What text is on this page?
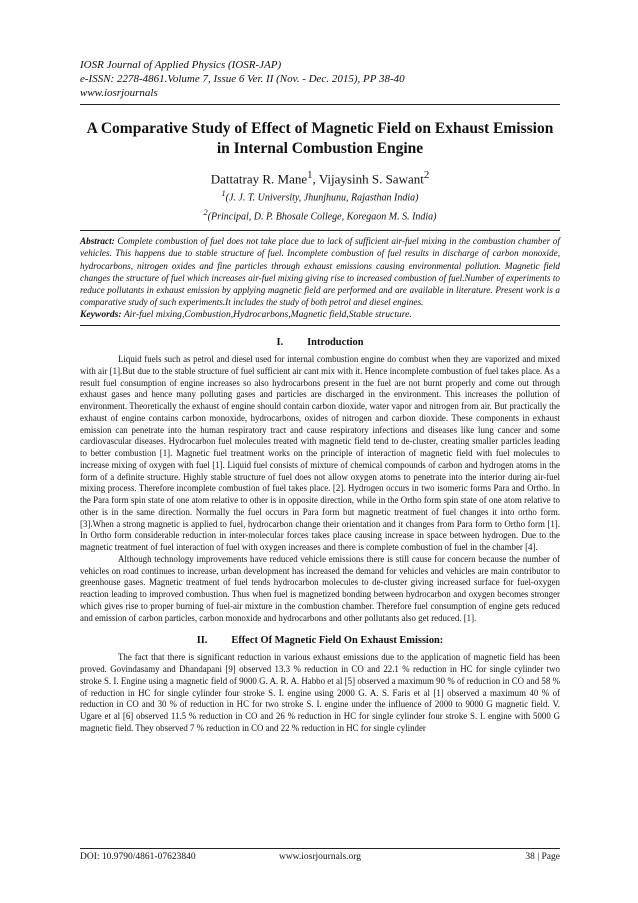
IOSR Journal of Applied Physics (IOSR-JAP)
e-ISSN: 2278-4861.Volume 7, Issue 6 Ver. II (Nov. - Dec. 2015), PP 38-40
www.iosrjournals
A Comparative Study of Effect of Magnetic Field on Exhaust Emission in Internal Combustion Engine
Dattatray R. Mane$^1$, Vijaysinh S. Sawant$^2$
$^1$(J. J. T. University, Jhunjhunu, Rajasthan India)
$^2$(Principal, D. P. Bhosale College, Koregaon M. S. India)
Abstract: Complete combustion of fuel does not take place due to lack of sufficient air-fuel mixing in the combustion chamber of vehicles. This happens due to stable structure of fuel. Incomplete combustion of fuel results in discharge of carbon monoxide, hydrocarbons, nitrogen oxides and fine particles through exhaust emissions causing environmental pollution. Magnetic field changes the structure of fuel which increases air-fuel mixing giving rise to increased combustion of fuel.Number of experiments to reduce pollutants in exhaust emission by applying magnetic field are performed and are available in literature. Present work is a comparative study of such experiments.It includes the study of both petrol and diesel engines.
Keywords: Air-fuel mixing,Combustion,Hydrocarbons,Magnetic field,Stable structure.
I. Introduction

Liquid fuels such as petrol and diesel used for internal combustion engine do combust when they are vaporized and mixed with air [1].But due to the stable structure of fuel sufficient air cant mix with it. Hence incomplete combustion of fuel takes place. As a result fuel consumption of engine increases so also hydrocarbons present in the fuel are not burnt properly and come out through exhaust gases and hence many polluting gases and particles are discharged in the environment. This increases the pollution of environment. Theoretically the exhaust of engine should contain carbon dioxide, water vapor and nitrogen from air. But practically the exhaust of engine contains carbon monoxide, hydrocarbons, oxides of nitrogen and carbon dioxide. These components in exhaust emission can penetrate into the human respiratory tract and cause respiratory infections and diseases like lung cancer and some cardiovascular diseases. Hydrocarbon fuel molecules treated with magnetic field tend to de-cluster, creating smaller particles leading to better combustion [1]. Magnetic fuel treatment works on the principle of interaction of magnetic field with fuel molecules to increase mixing of oxygen with fuel [1]. Liquid fuel consists of mixture of chemical compounds of carbon and hydrogen atoms in the form of a definite structure. Highly stable structure of fuel does not allow oxygen atoms to penetrate into the interior during air-fuel mixing process. Therefore incomplete combustion of fuel takes place. [2]. Hydrogen occurs in two isomeric forms Para and Ortho. In the Para form spin state of one atom relative to other is in opposite direction, while in the Ortho form spin state of one atom relative to other is in the same direction. Normally the fuel occurs in Para form but magnetic treatment of fuel changes it into ortho form. [3].When a strong magnetic is applied to fuel, hydrocarbon change their orientation and it changes from Para form to Ortho form [1]. In Ortho form considerable reduction in inter-molecular forces takes place causing increase in space between hydrogen. Due to the magnetic treatment of fuel interaction of fuel with oxygen increases and there is complete combustion of fuel in the chamber [4].

Although technology improvements have reduced vehicle emissions there is still cause for concern because the number of vehicles on road continues to increase, urban development has increased the demand for vehicles and vehicles are main contributor to greenhouse gases. Magnetic treatment of fuel tends hydrocarbon molecules to de-cluster giving increased surface for fuel-oxygen reaction leading to improved combustion. Thus when fuel is magnetized bonding between hydrocarbon and oxygen becomes stronger which gives rise to proper burning of fuel-air mixture in the combustion chamber. Therefore fuel consumption of engine gets reduced and emission of carbon particles, carbon monoxide and hydrocarbons and other pollutants also get reduced. [1].

II. Effect Of Magnetic Field On Exhaust Emission:

The fact that there is significant reduction in various exhaust emissions due to the application of magnetic field has been proved. Govindasamy and Dhandapani [9] observed 13.3 % reduction in CO and 22.1 % reduction in HC for single cylinder two stroke S. I. Engine using a magnetic field of 9000 G. A. R. A. Habbo et al [5] observed a maximum 90 % of reduction in CO and 58 % of reduction in HC for single cylinder four stroke S. I. engine using 2000 G. A. S. Faris et al [1] observed a maximum 40 % of reduction in CO and 30 % of reduction in HC for two stroke S. I. engine under the influence of 2000 to 9000 G magnetic field. V. Ugare et al [6] observed 11.5 % reduction in CO and 26 % reduction in HC for single cylinder four stroke S. I. engine with 5000 G magnetic field. They observed 7 % reduction in CO and 22 % reduction in HC for single cylinder

DOI: 10.9790/4861-07623840	www.iosrjournals.org	38 | Page
